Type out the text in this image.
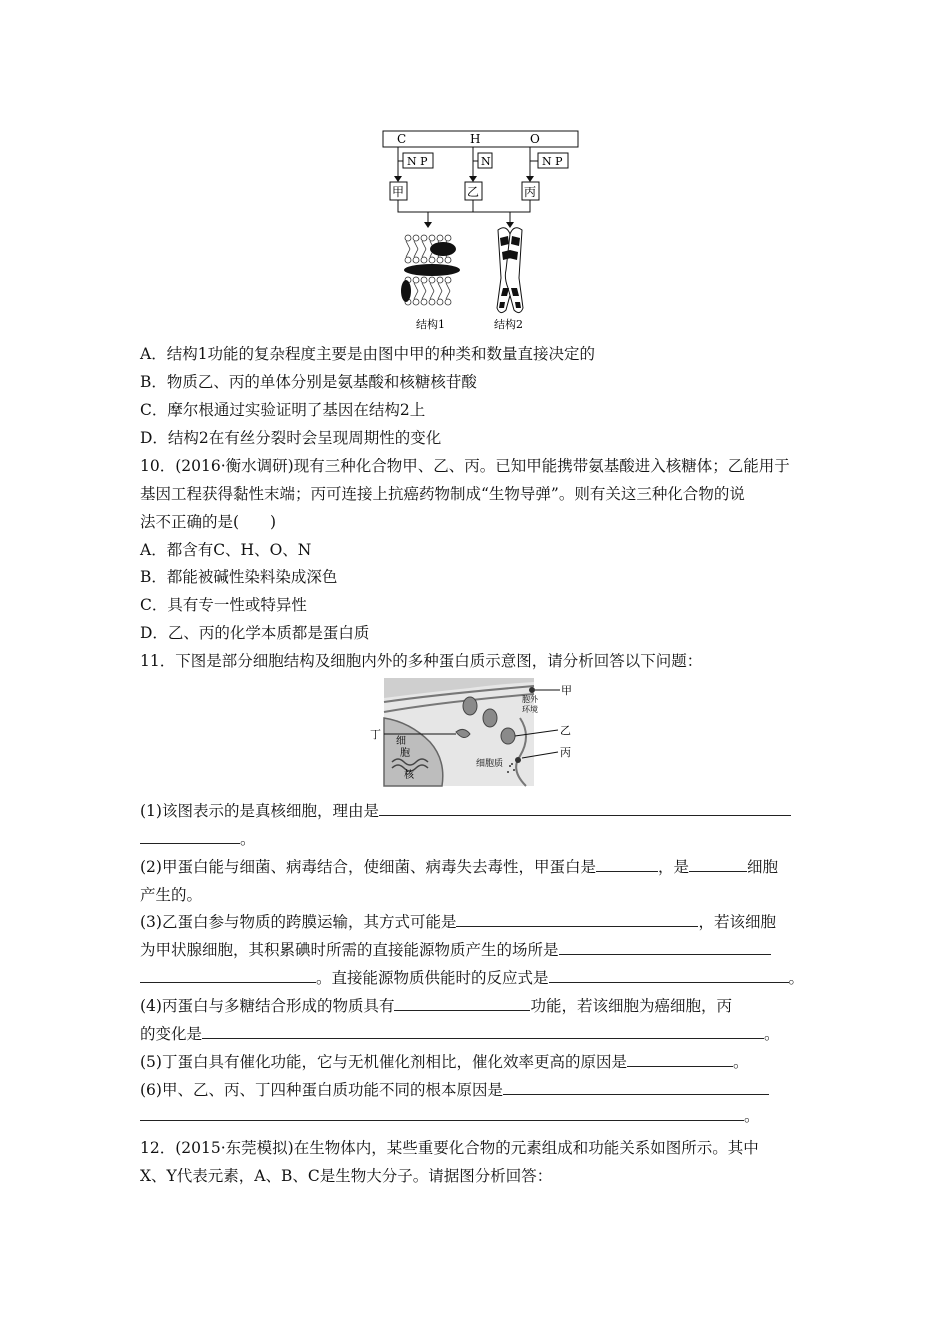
C	H	O
N P	N	N P
甲	乙	丙
结构1	结构2
A．结构1功能的复杂程度主要是由图中甲的种类和数量直接决定的
B．物质乙、丙的单体分别是氨基酸和核糖核苷酸
C．摩尔根通过实验证明了基因在结构2上
D．结构2在有丝分裂时会呈现周期性的变化
10．(2016·衡水调研)现有三种化合物甲、乙、丙。已知甲能携带氨基酸进入核糖体；乙能用于
基因工程获得黏性末端；丙可连接上抗癌药物制成“生物导弹”。则有关这三种化合物的说
法不正确的是(　　)
A．都含有C、H、O、N
B．都能被碱性染料染成深色
C．具有专一性或特异性
D．乙、丙的化学本质都是蛋白质
11．下图是部分细胞结构及细胞内外的多种蛋白质示意图，请分析回答以下问题：
细
胞
核
胞外
环境
细胞质
甲
乙
丙
丁
(1)该图表示的是真核细胞，理由是
。
(2)甲蛋白能与细菌、病毒结合，使细菌、病毒失去毒性，甲蛋白是	，是	细胞
产生的。
(3)乙蛋白参与物质的跨膜运输，其方式可能是	，若该细胞
为甲状腺细胞，其积累碘时所需的直接能源物质产生的场所是
。直接能源物质供能时的反应式是	。
(4)丙蛋白与多糖结合形成的物质具有	功能，若该细胞为癌细胞，丙
的变化是	。
(5)丁蛋白具有催化功能，它与无机催化剂相比，催化效率更高的原因是	。
(6)甲、乙、丙、丁四种蛋白质功能不同的根本原因是
。
12．(2015·东莞模拟)在生物体内，某些重要化合物的元素组成和功能关系如图所示。其中
X、Y代表元素，A、B、C是生物大分子。请据图分析回答：
